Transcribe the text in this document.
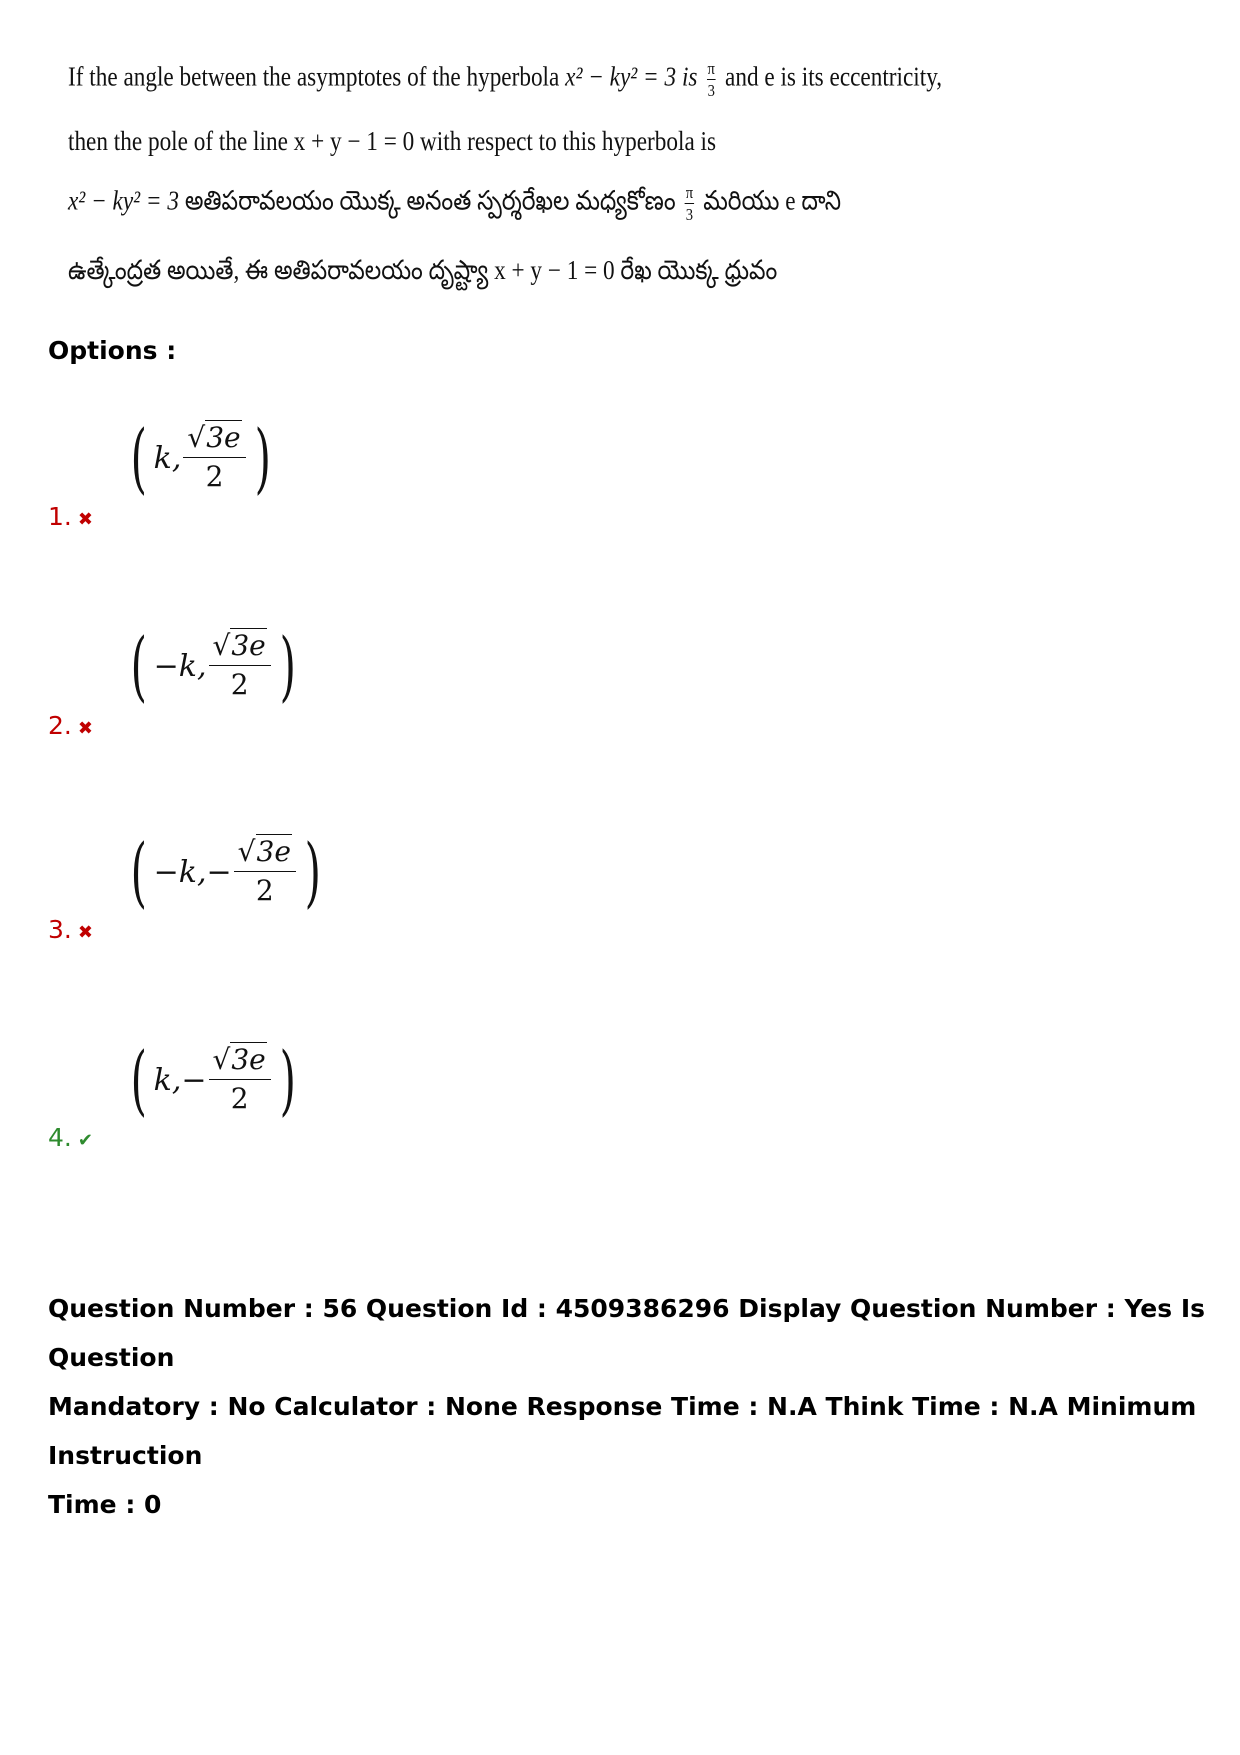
If the angle between the asymptotes of the hyperbola x² − ky² = 3 is $\frac{\pi}{3}$ and e is its eccentricity,
then the pole of the line x + y − 1 = 0 with respect to this hyperbola is
x² − ky² = 3 అతిపరావలయం యొక్క అనంత స్పర్శరేఖల మధ్యకోణం $\frac{\pi}{3}$ మరియు e దాని
ఉత్కేంద్రత అయితే, ఈ అతిపరావలయం దృష్ట్యా x + y − 1 = 0 రేఖ యొక్క ధ్రువం
Options :
( k,
√3e
2 )
1. ✖
( −k,
√3e
2 )
2. ✖
( −k, − $\frac{√3e}{2}$ )
3. ✖
( k, − $\frac{√3e}{2}$ )
4. ✔
Question Number : 56 Question Id : 4509386296 Display Question Number : Yes Is Question
Mandatory : No Calculator : None Response Time : N.A Think Time : N.A Minimum Instruction
Time : 0
